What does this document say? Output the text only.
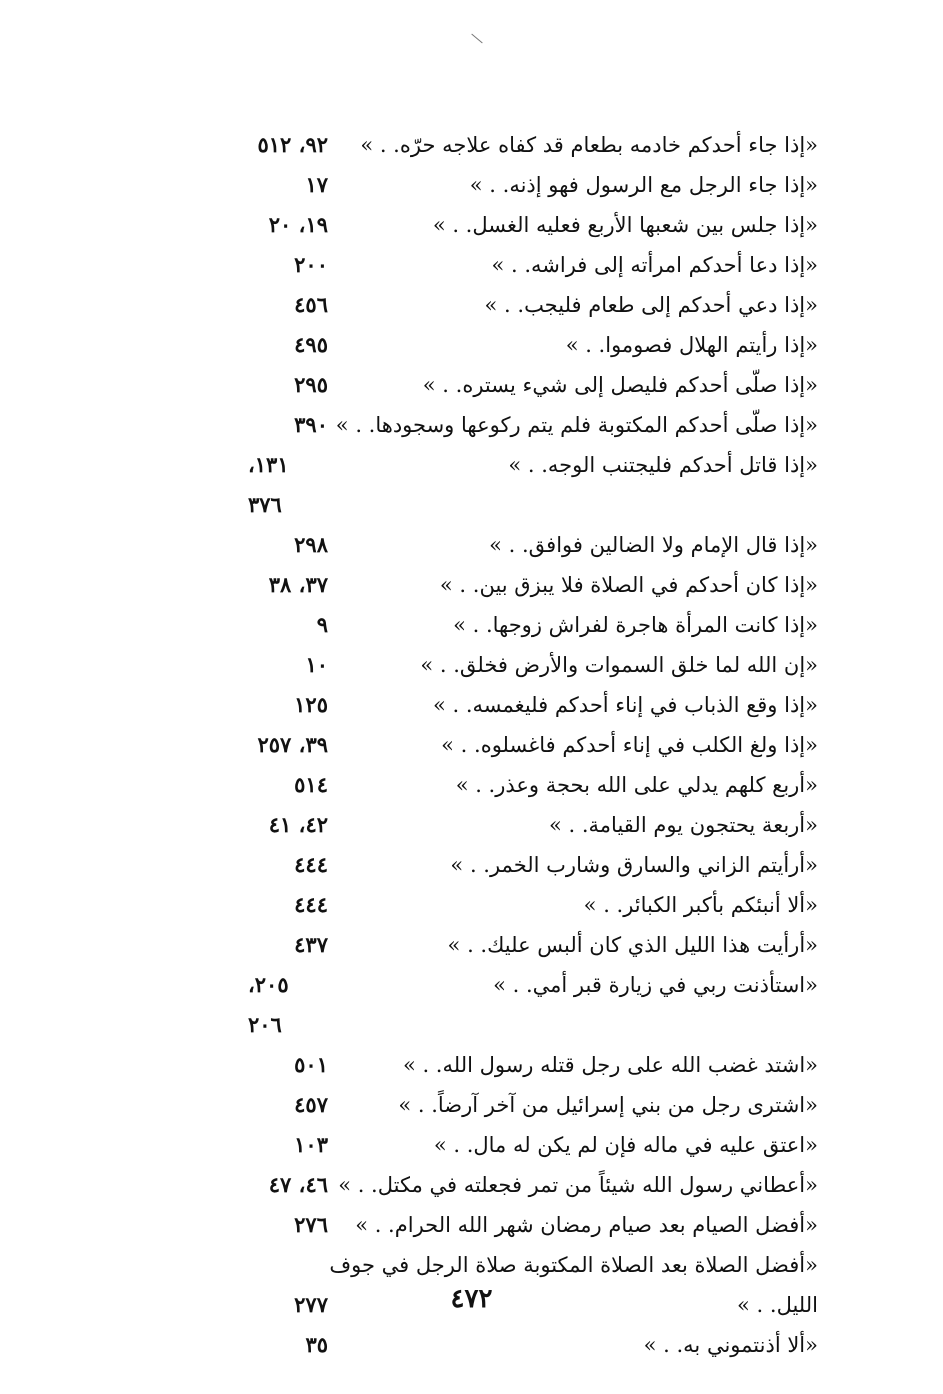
«إذا جاء أحدكم خادمه بطعام قد كفاه علاجه حرّه. . »
٩٢، ٥١٢
«إذا جاء الرجل مع الرسول فهو إذنه. . »
١٧
«إذا جلس بين شعبها الأربع فعليه الغسل. . »
١٩، ٢٠
«إذا دعا أحدكم امرأته إلى فراشه. . »
٢٠٠
«إذا دعي أحدكم إلى طعام فليجب. . »
٤٥٦
«إذا رأيتم الهلال فصوموا. . »
٤٩٥
«إذا صلّى أحدكم فليصل إلى شيء يستره. . »
٢٩٥
«إذا صلّى أحدكم المكتوبة فلم يتم ركوعها وسجودها. . »
٣٩٠
«إذا قاتل أحدكم فليجتنب الوجه. . »
١٣١، ٣٧٦
«إذا قال الإمام ولا الضالين فوافق. . »
٢٩٨
«إذا كان أحدكم في الصلاة فلا يبزق بين. . »
٣٧، ٣٨
«إذا كانت المرأة هاجرة لفراش زوجها. . »
٩
«إن الله لما خلق السموات والأرض فخلق. . »
١٠
«إذا وقع الذباب في إناء أحدكم فليغمسه. . »
١٢٥
«إذا ولغ الكلب في إناء أحدكم فاغسلوه. . »
٣٩، ٢٥٧
«أربع كلهم يدلي على الله بحجة وعذر. . »
٥١٤
«أربعة يحتجون يوم القيامة. . »
٤٢، ٤١
«أرأيتم الزاني والسارق وشارب الخمر. . »
٤٤٤
«ألا أنبئكم بأكبر الكبائر. . »
٤٤٤
«أرأيت هذا الليل الذي كان ألبس عليك. . »
٤٣٧
«استأذنت ربي في زيارة قبر أمي. . »
٢٠٥، ٢٠٦
«اشتد غضب الله على رجل قتله رسول الله. . »
٥٠١
«اشترى رجل من بني إسرائيل من آخر آرضاً. . »
٤٥٧
«اعتق عليه في ماله فإن لم يكن له مال. . »
١٠٣
«أعطاني رسول الله شيئاً من تمر فجعلته في مكتل. . »
٤٦، ٤٧
«أفضل الصيام بعد صيام رمضان شهر الله الحرام. . »
٢٧٦
«أفضل الصلاة بعد الصلاة المكتوبة صلاة الرجل في جوف الليل. . »
٢٧٧
«ألا أذنتموني به. . »
٣٥
٤٧٢
